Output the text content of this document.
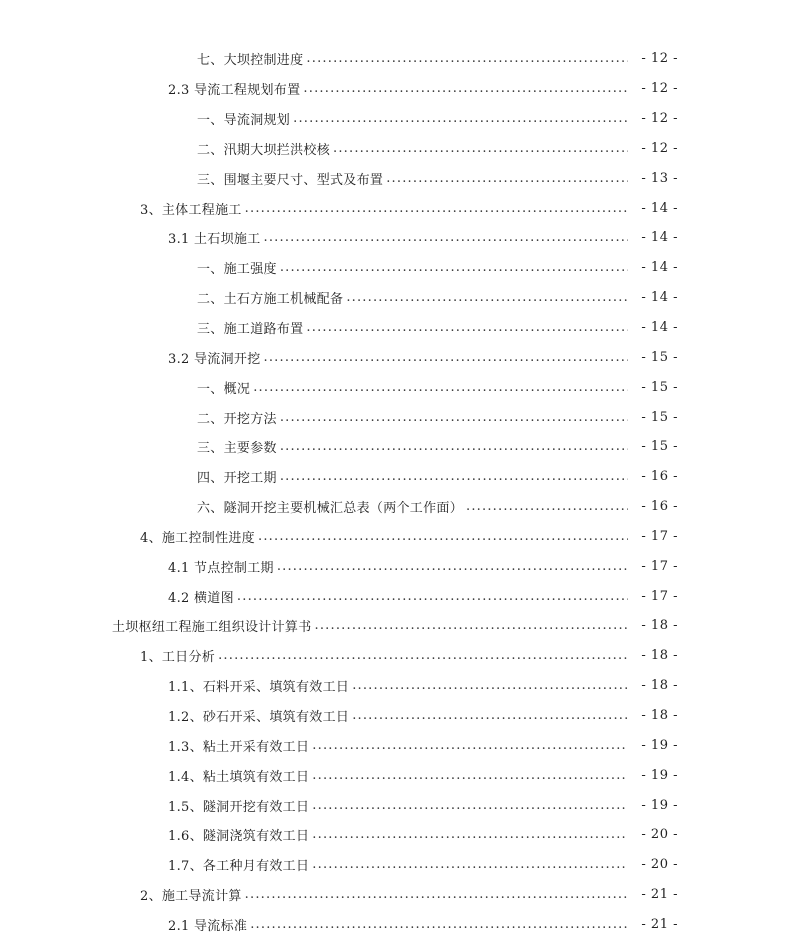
七、大坝控制进度 .....	- 12 -
2.3 导流工程规划布置 .....	- 12 -
一、导流洞规划 .....	- 12 -
二、汛期大坝拦洪校核 .....	- 12 -
三、围堰主要尺寸、型式及布置 .....	- 13 -
3、主体工程施工 .....	- 14 -
3.1 土石坝施工 .....	- 14 -
一、施工强度 .....	- 14 -
二、土石方施工机械配备 .....	- 14 -
三、施工道路布置 .....	- 14 -
3.2 导流洞开挖 .....	- 15 -
一、概况 .....	- 15 -
二、开挖方法 .....	- 15 -
三、主要参数 .....	- 15 -
四、开挖工期 .....	- 16 -
六、隧洞开挖主要机械汇总表（两个工作面） .....	- 16 -
4、施工控制性进度 .....	- 17 -
4.1 节点控制工期 .....	- 17 -
4.2 横道图 .....	- 17 -
土坝枢纽工程施工组织设计计算书 .....	- 18 -
1、工日分析 .....	- 18 -
1.1、石料开采、填筑有效工日 .....	- 18 -
1.2、砂石开采、填筑有效工日 .....	- 18 -
1.3、粘土开采有效工日 .....	- 19 -
1.4、粘土填筑有效工日 .....	- 19 -
1.5、隧洞开挖有效工日 .....	- 19 -
1.6、隧洞浇筑有效工日 .....	- 20 -
1.7、各工种月有效工日 .....	- 20 -
2、施工导流计算 .....	- 21 -
2.1 导流标准 .....	- 21 -
